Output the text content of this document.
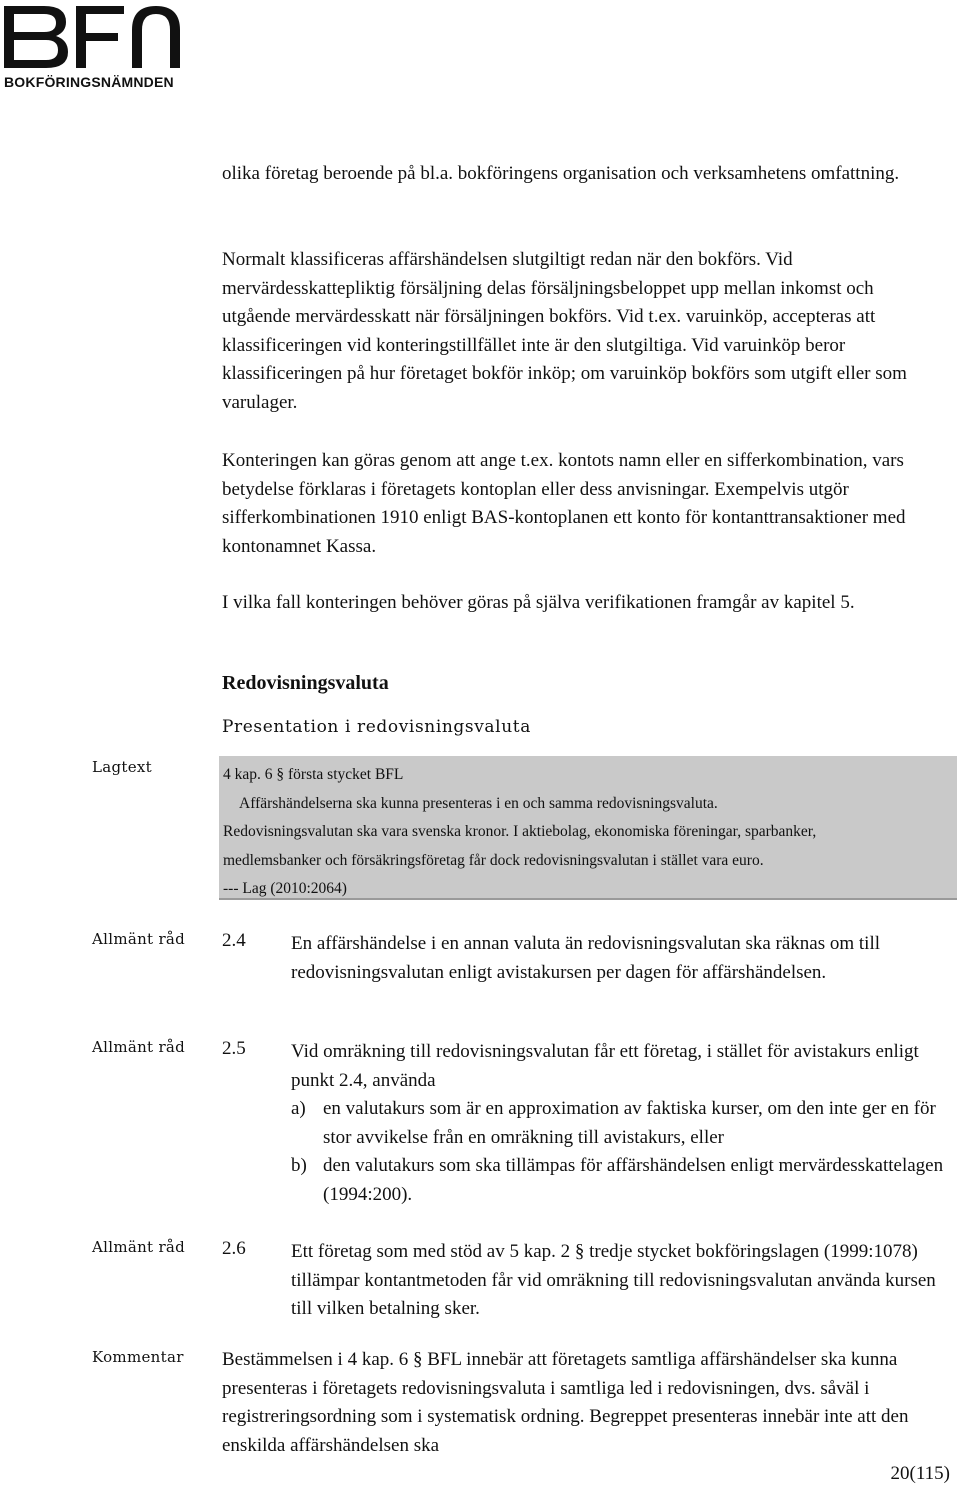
BOKFÖRINGSNÄMNDEN

olika företag beroende på bl.a. bokföringens organisation och verksamhetens omfattning.

Normalt klassificeras affärshändelsen slutgiltigt redan när den bokförs. Vid mervärdesskattepliktig försäljning delas försäljningsbeloppet upp mellan inkomst och utgående mervärdesskatt när försäljningen bokförs. Vid t.ex. varuinköp, accepteras att klassificeringen vid konteringstillfället inte är den slutgiltiga. Vid varuinköp beror klassificeringen på hur företaget bokför inköp; om varuinköp bokförs som utgift eller som varulager.

Konteringen kan göras genom att ange t.ex. kontots namn eller en sifferkombination, vars betydelse förklaras i företagets kontoplan eller dess anvisningar. Exempelvis utgör sifferkombinationen 1910 enligt BAS-kontoplanen ett konto för kontanttransaktioner med kontonamnet Kassa.

I vilka fall konteringen behöver göras på själva verifikationen framgår av kapitel 5.

Redovisningsvaluta
Presentation i redovisningsvaluta
Lagtext	4 kap. 6 § första stycket BFL
Affärshändelserna ska kunna presenteras i en och samma redovisningsvaluta.
Redovisningsvalutan ska vara svenska kronor. I aktiebolag, ekonomiska föreningar, sparbanker,
medlemsbanker och försäkringsföretag får dock redovisningsvalutan i stället vara euro.
--- Lag (2010:2064)
Allmänt råd 2.4 En affärshändelse i en annan valuta än redovisningsvalutan ska räknas om till redovisningsvalutan enligt avistakursen per dagen för affärshändelsen.

Allmänt råd 2.5 Vid omräkning till redovisningsvalutan får ett företag, i stället för avistakurs enligt punkt 2.4, använda
a) en valutakurs som är en approximation av faktiska kurser, om den inte ger en för stor avvikelse från en omräkning till avistakurs, eller
b) den valutakurs som ska tillämpas för affärshändelsen enligt mervärdesskattelagen (1994:200).
Allmänt råd 2.6 Ett företag som med stöd av 5 kap. 2 § tredje stycket bokföringslagen (1999:1078) tillämpar kontantmetoden får vid omräkning till redovisningsvalutan använda kursen till vilken betalning sker.

Kommentar Bestämmelsen i 4 kap. 6 § BFL innebär att företagets samtliga affärshändelser ska kunna presenteras i företagets redovisningsvaluta i samtliga led i redovisningen, dvs. såväl i registreringsordning som i systematisk ordning. Begreppet presenteras innebär inte att den enskilda affärshändelsen ska

20(115)
